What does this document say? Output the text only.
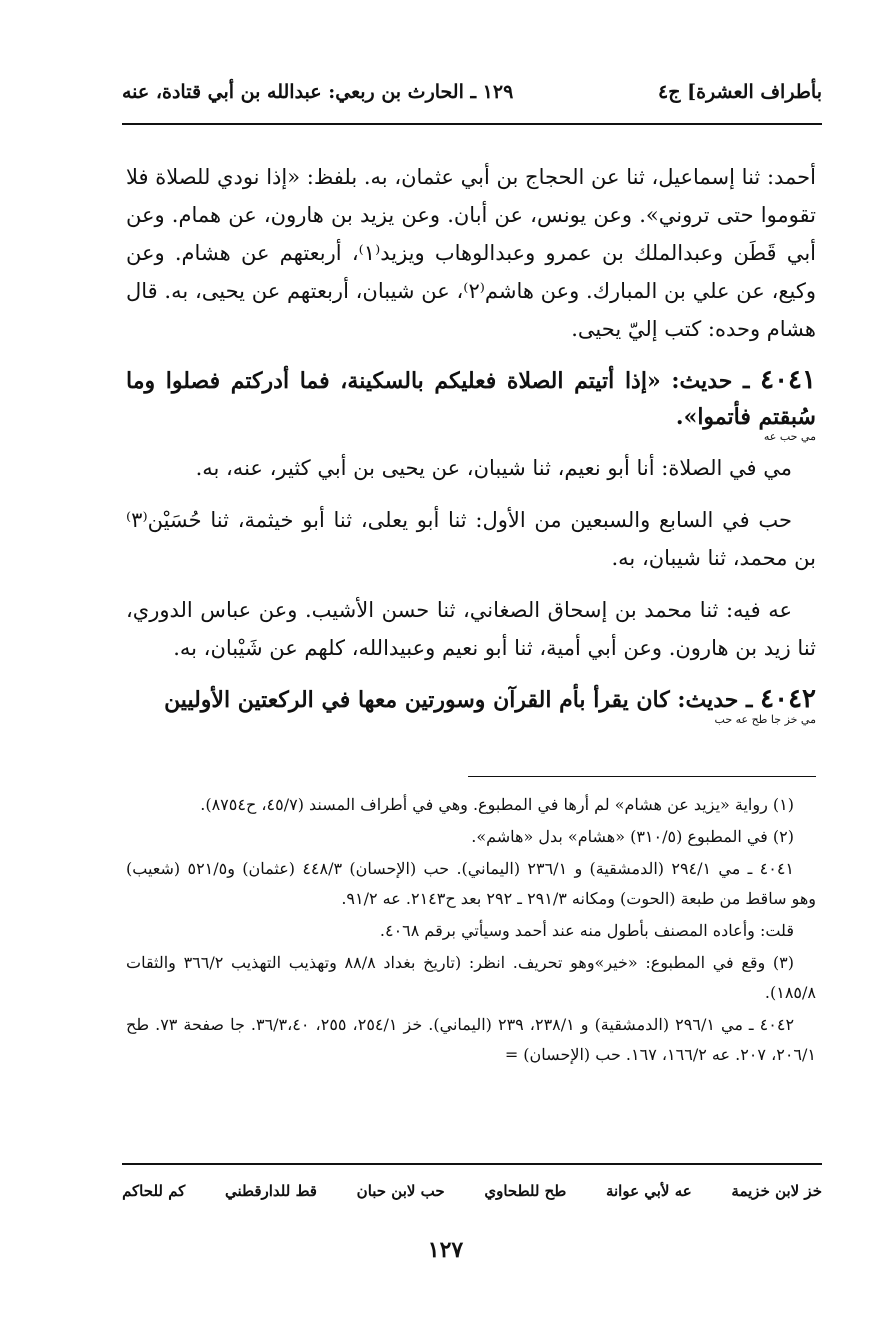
بأطراف العشرة] ج٤
١٢٩ ـ الحارث بن ربعي: عبدالله بن أبي قتادة، عنه

أحمد: ثنا إسماعيل، ثنا عن الحجاج بن أبي عثمان، به. بلفظ: «إذا نودي للصلاة فلا تقوموا حتى تروني». وعن يونس، عن أبان. وعن يزيد بن هارون، عن همام. وعن أبي قَطَن وعبدالملك بن عمرو وعبدالوهاب ويزيد⁽١⁾، أربعتهم عن هشام. وعن وكيع، عن علي بن المبارك. وعن هاشم⁽٢⁾، عن شيبان، أربعتهم عن يحيى، به. قال هشام وحده: كتب إليّ يحيى.

٤٠٤١ ـ حديث: «إذا أتيتم الصلاة فعليكم بالسكينة، فما أدركتم فصلوا وما سُبقتم فأتموا».
مي حب عه

مي في الصلاة: أنا أبو نعيم، ثنا شيبان، عن يحيى بن أبي كثير، عنه، به.

حب في السابع والسبعين من الأول: ثنا أبو يعلى، ثنا أبو خيثمة، ثنا حُسَيْن⁽٣⁾ بن محمد، ثنا شيبان، به.

عه فيه: ثنا محمد بن إسحاق الصغاني، ثنا حسن الأشيب. وعن عباس الدوري، ثنا زيد بن هارون. وعن أبي أمية، ثنا أبو نعيم وعبيدالله، كلهم عن شَيْبان، به.

٤٠٤٢ ـ حديث: كان يقرأ بأم القرآن وسورتين معها في الركعتين الأوليين
مي خز جا طح عه حب

(١) رواية «يزيد عن هشام» لم أرها في المطبوع. وهي في أطراف المسند (٤٥/٧، ح٨٧٥٤).

(٢) في المطبوع (٣١٠/٥) «هشام» بدل «هاشم».

٤٠٤١ ـ مي ٢٩٤/١ (الدمشقية) و ٢٣٦/١ (اليماني). حب (الإحسان) ٤٤٨/٣ (عثمان) و٥٢١/٥ (شعيب) وهو ساقط من طبعة (الحوت) ومكانه ٢٩١/٣ ـ ٢٩٢ بعد ح٢١٤٣. عه ٩١/٢.

قلت: وأعاده المصنف بأطول منه عند أحمد وسيأتي برقم ٤٠٦٨.

(٣) وقع في المطبوع: «خير»وهو تحريف. انظر: (تاريخ بغداد ٨٨/٨ وتهذيب التهذيب ٣٦٦/٢ والثقات ١٨٥/٨).

٤٠٤٢ ـ مي ٢٩٦/١ (الدمشقية) و ٢٣٨/١، ٢٣٩ (اليماني). خز ٢٥٤/١، ٢٥٥، ٣٦/٣،٤٠. جا صفحة ٧٣. طح ٢٠٦/١، ٢٠٧. عه ١٦٦/٢، ١٦٧. حب (الإحسان) =

خز لابن خزيمة
عه لأبي عوانة
طح للطحاوي
حب لابن حبان
قط للدارقطني
كم للحاكم
١٢٧
